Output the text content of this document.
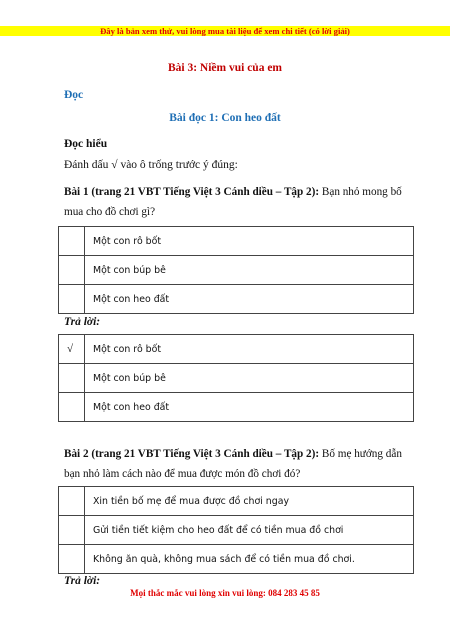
Đây là bản xem thử, vui lòng mua tài liệu để xem chi tiết (có lời giải)
Bài 3: Niềm vui của em
Đọc
Bài đọc 1: Con heo đất
Đọc hiểu
Đánh dấu √ vào ô trống trước ý đúng:
Bài 1 (trang 21 VBT Tiếng Việt 3 Cánh diều – Tập 2): Bạn nhỏ mong bố mua cho đồ chơi gì?
	Một con rô bốt
	Một con búp bê
	Một con heo đất
Trả lời:
√	Một con rô bốt
	Một con búp bê
	Một con heo đất
Bài 2 (trang 21 VBT Tiếng Việt 3 Cánh diều – Tập 2): Bố mẹ hướng dẫn bạn nhỏ làm cách nào để mua được món đồ chơi đó?
	Xin tiền bố mẹ để mua được đồ chơi ngay
	Gửi tiền tiết kiệm cho heo đất để có tiền mua đồ chơi
	Không ăn quà, không mua sách để có tiền mua đồ chơi.
Trả lời:
Mọi thắc mắc vui lòng xin vui lòng: 084 283 45 85
